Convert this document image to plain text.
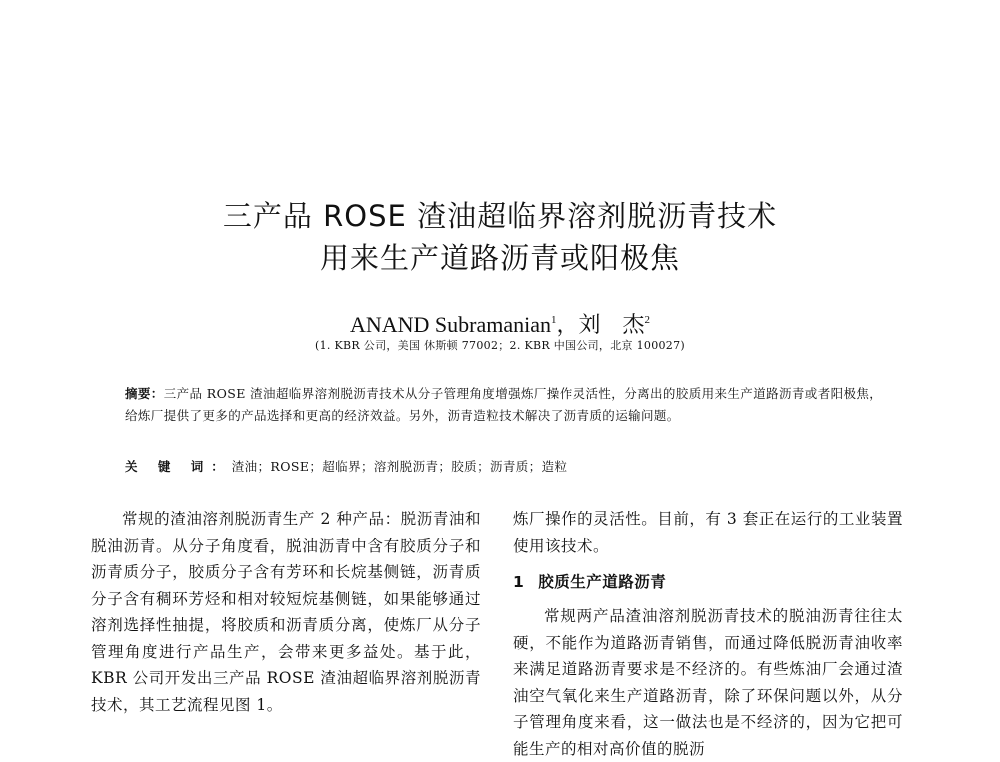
三产品 ROSE 渣油超临界溶剂脱沥青技术
用来生产道路沥青或阳极焦
ANAND Subramanian$^1$，刘　杰$^2$
(1. KBR 公司，美国 休斯顿 77002；2. KBR 中国公司，北京 100027)
摘要：三产品 ROSE 渣油超临界溶剂脱沥青技术从分子管理角度增强炼厂操作灵活性，分离出的胶质用来生产道路沥青或者阳极焦，给炼厂提供了更多的产品选择和更高的经济效益。另外，沥青造粒技术解决了沥青质的运输问题。
关 键 词：渣油；ROSE；超临界；溶剂脱沥青；胶质；沥青质；造粒

常规的渣油溶剂脱沥青生产 2 种产品：脱沥青油和脱油沥青。从分子角度看，脱油沥青中含有胶质分子和沥青质分子，胶质分子含有芳环和长烷基侧链，沥青质分子含有稠环芳烃和相对较短烷基侧链，如果能够通过溶剂选择性抽提，将胶质和沥青质分离，使炼厂从分子管理角度进行产品生产，会带来更多益处。基于此，KBR 公司开发出三产品 ROSE 渣油超临界溶剂脱沥青技术，其工艺流程见图 1。

炼厂操作的灵活性。目前，有 3 套正在运行的工业装置使用该技术。

1 胶质生产道路沥青

常规两产品渣油溶剂脱沥青技术的脱油沥青往往太硬，不能作为道路沥青销售，而通过降低脱沥青油收率来满足道路沥青要求是不经济的。有些炼油厂会通过渣油空气氧化来生产道路沥青，除了环保问题以外，从分子管理角度来看，这一做法也是不经济的，因为它把可能生产的相对高价值的脱沥
